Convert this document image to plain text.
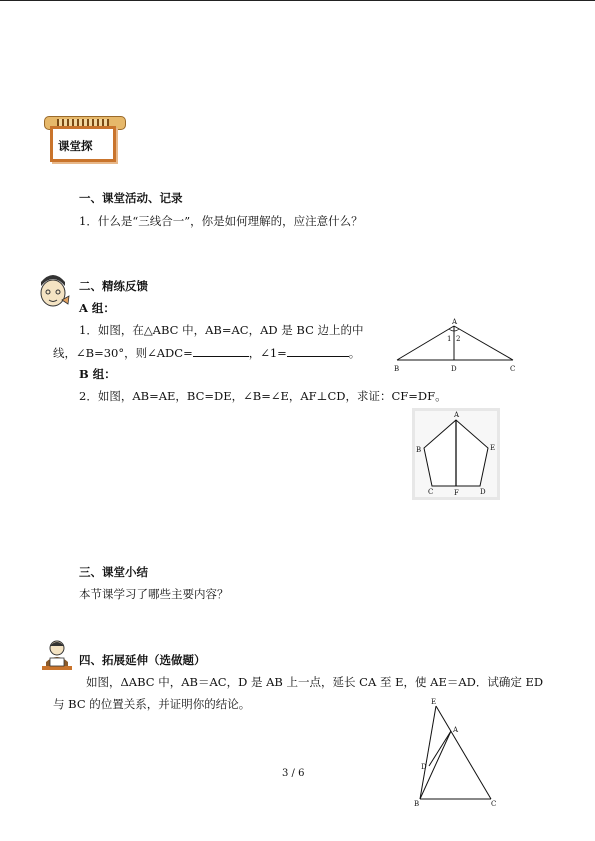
课堂探
一、课堂活动、记录
1．什么是“三线合一”，你是如何理解的，应注意什么？
二、精练反馈
A 组：
1．如图，在△ABC 中，AB=AC，AD 是 BC 边上的中
线，∠B=30°，则∠ADC=	，∠1=	。
B 组：
2．如图，AB=AE，BC=DE，∠B=∠E，AF⊥CD，求证：CF=DF。
A
B	C
D
1 2
A
B	E
C	F	D
三、课堂小结
本节课学习了哪些主要内容？
四、拓展延伸（选做题）
如图，ΔABC 中，AB＝AC，D 是 AB 上一点，延长 CA 至 E，使 AE＝AD．试确定 ED
与 BC 的位置关系，并证明你的结论。	E
A
D
B	C
3 / 6
